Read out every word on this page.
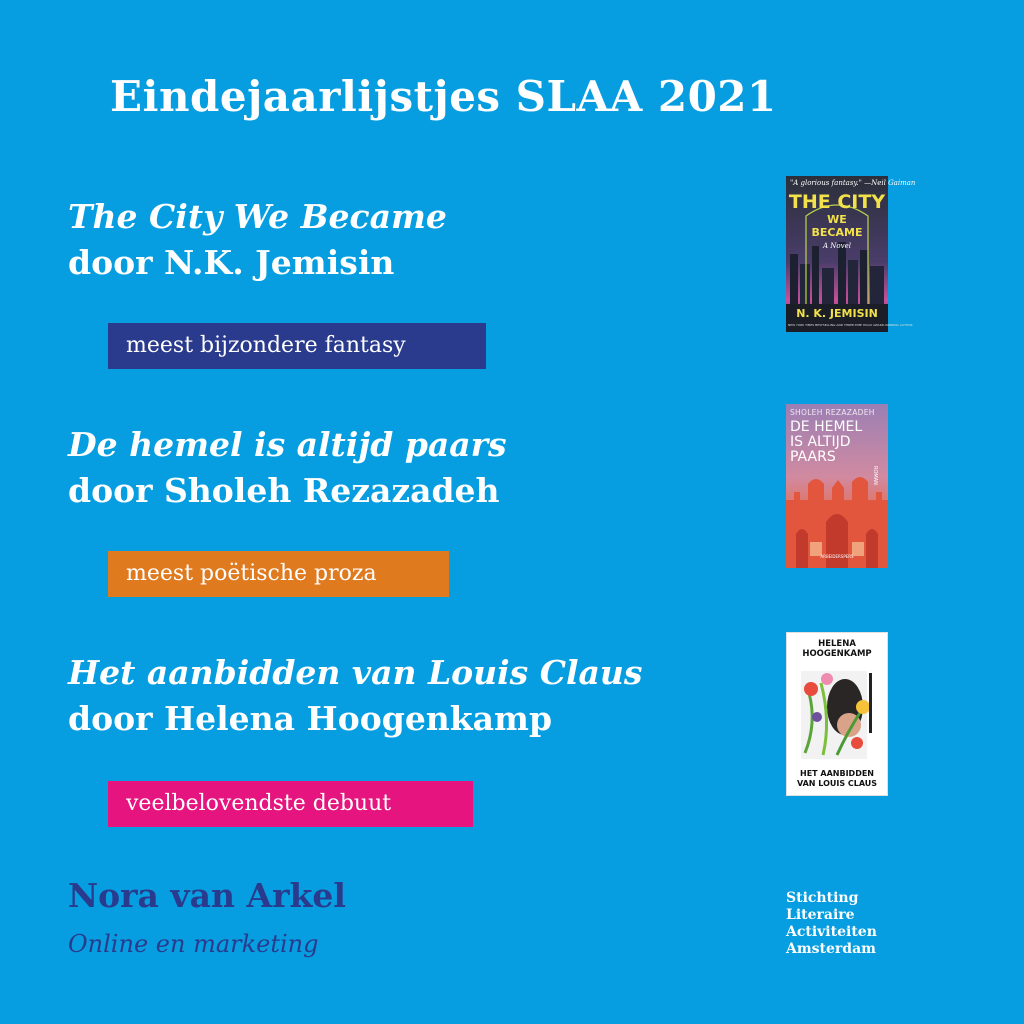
Eindejaarlijstjes SLAA 2021
The City We Became
door N.K. Jemisin
meest bijzondere fantasy
"A glorious fantasy." —Neil Gaiman
THE CITY
WE
BECAME
A Novel
N. K. JEMISIN
NEW YORK TIMES BESTSELLING AND THREE-TIME HUGO AWARD-WINNING AUTHOR
De hemel is altijd paars
door Sholeh Rezazadeh
meest poëtische proza
SHOLEH REZAZADEH
DE HEMEL
IS ALTIJD
PAARS
ROMAN
ARBEIDERSPERS
Het aanbidden van Louis Claus
door Helena Hoogenkamp
veelbelovendste debuut
HELENA
HOOGENKAMP
HET AANBIDDEN
VAN LOUIS CLAUS
Nora van Arkel
Online en marketing
Stichting
Literaire
Activiteiten
Amsterdam
